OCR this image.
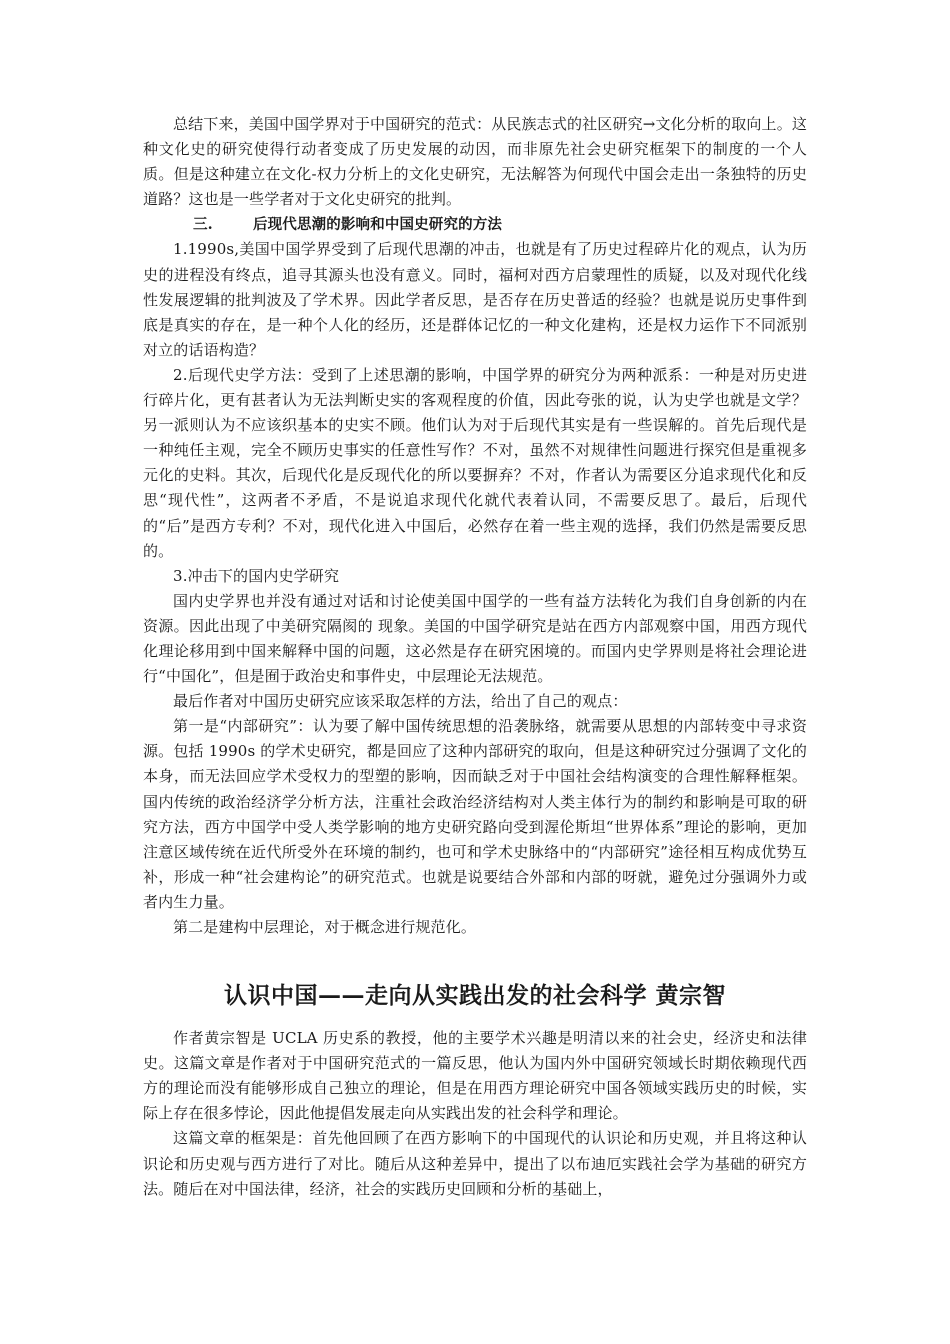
总结下来，美国中国学界对于中国研究的范式：从民族志式的社区研究→文化分析的取向上。这种文化史的研究使得行动者变成了历史发展的动因，而非原先社会史研究框架下的制度的一个人质。但是这种建立在文化-权力分析上的文化史研究，无法解答为何现代中国会走出一条独特的历史道路？这也是一些学者对于文化史研究的批判。

三.	后现代思潮的影响和中国史研究的方法

1.1990s,美国中国学界受到了后现代思潮的冲击，也就是有了历史过程碎片化的观点，认为历史的进程没有终点，追寻其源头也没有意义。同时，福柯对西方启蒙理性的质疑，以及对现代化线性发展逻辑的批判波及了学术界。因此学者反思，是否存在历史普适的经验？也就是说历史事件到底是真实的存在，是一种个人化的经历，还是群体记忆的一种文化建构，还是权力运作下不同派别对立的话语构造？

2.后现代史学方法：受到了上述思潮的影响，中国学界的研究分为两种派系：一种是对历史进行碎片化，更有甚者认为无法判断史实的客观程度的价值，因此夸张的说，认为史学也就是文学？另一派则认为不应该织基本的史实不顾。他们认为对于后现代其实是有一些误解的。首先后现代是一种纯任主观，完全不顾历史事实的任意性写作？不对，虽然不对规律性问题进行探究但是重视多元化的史料。其次，后现代化是反现代化的所以要摒弃？不对，作者认为需要区分追求现代化和反思“现代性”，这两者不矛盾，不是说追求现代化就代表着认同，不需要反思了。最后，后现代的“后”是西方专利？不对，现代化进入中国后，必然存在着一些主观的选择，我们仍然是需要反思的。

3.冲击下的国内史学研究

国内史学界也并没有通过对话和讨论使美国中国学的一些有益方法转化为我们自身创新的内在资源。因此出现了中美研究隔阂的 现象。美国的中国学研究是站在西方内部观察中国，用西方现代化理论移用到中国来解释中国的问题，这必然是存在研究困境的。而国内史学界则是将社会理论进行“中国化”，但是囿于政治史和事件史，中层理论无法规范。

最后作者对中国历史研究应该采取怎样的方法，给出了自己的观点：

第一是“内部研究”：认为要了解中国传统思想的沿袭脉络，就需要从思想的内部转变中寻求资源。包括 1990s 的学术史研究，都是回应了这种内部研究的取向，但是这种研究过分强调了文化的本身，而无法回应学术受权力的型塑的影响，因而缺乏对于中国社会结构演变的合理性解释框架。国内传统的政治经济学分析方法，注重社会政治经济结构对人类主体行为的制约和影响是可取的研究方法，西方中国学中受人类学影响的地方史研究路向受到渥伦斯坦“世界体系”理论的影响，更加注意区域传统在近代所受外在环境的制约，也可和学术史脉络中的“内部研究”途径相互构成优势互补，形成一种“社会建构论”的研究范式。也就是说要结合外部和内部的呀就，避免过分强调外力或者内生力量。

第二是建构中层理论，对于概念进行规范化。

认识中国——走向从实践出发的社会科学 黄宗智

作者黄宗智是 UCLA 历史系的教授，他的主要学术兴趣是明清以来的社会史，经济史和法律史。这篇文章是作者对于中国研究范式的一篇反思，他认为国内外中国研究领域长时期依赖现代西方的理论而没有能够形成自己独立的理论，但是在用西方理论研究中国各领域实践历史的时候，实际上存在很多悖论，因此他提倡发展走向从实践出发的社会科学和理论。

这篇文章的框架是：首先他回顾了在西方影响下的中国现代的认识论和历史观，并且将这种认识论和历史观与西方进行了对比。随后从这种差异中，提出了以布迪厄实践社会学为基础的研究方法。随后在对中国法律，经济，社会的实践历史回顾和分析的基础上，
